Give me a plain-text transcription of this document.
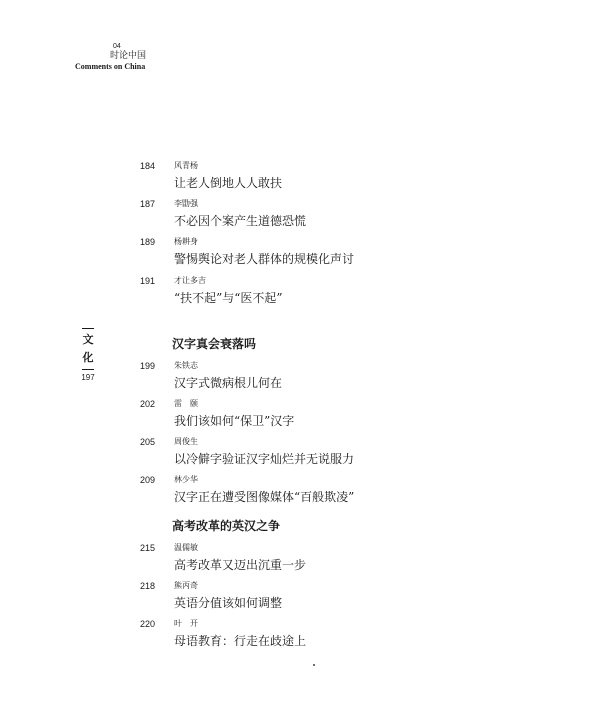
04
时论中国
Comments on China
184	风青杨
让老人倒地人人敢扶
187	李勖强
不必因个案产生道德恐慌
189	杨耕身
警惕舆论对老人群体的规模化声讨
191	才让多吉
“扶不起”与“医不起”
文
化
197
汉字真会衰落吗
199	朱铁志
汉字式微病根儿何在
202	雷　颐
我们该如何“保卫”汉字
205	周俊生
以冷僻字验证汉字灿烂并无说服力
209	林少华
汉字正在遭受图像媒体“百般欺凌”
高考改革的英汉之争
215	温儒敏
高考改革又迈出沉重一步
218	熊丙奇
英语分值该如何调整
220	叶　开
母语教育：行走在歧途上
